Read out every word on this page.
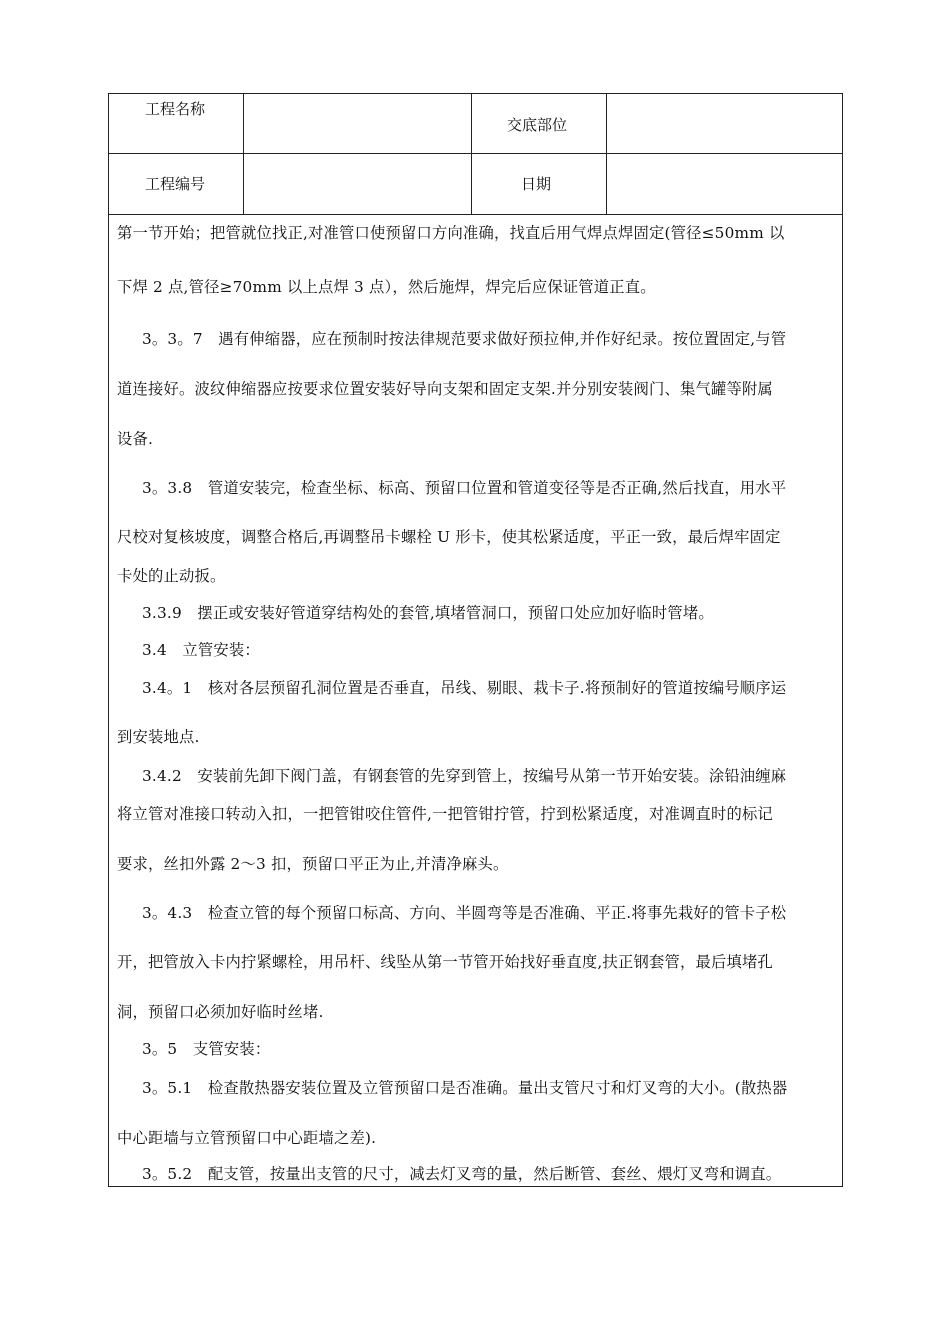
工程名称
交底部位
工程编号	日期
第一节开始；把管就位找正,对准管口使预留口方向准确，找直后用气焊点焊固定(管径≤50mm 以
下焊 2 点,管径≥70mm 以上点焊 3 点），然后施焊，焊完后应保证管道正直。
3。3。7　遇有伸缩器，应在预制时按法律规范要求做好预拉伸,并作好纪录。按位置固定,与管
道连接好。波纹伸缩器应按要求位置安装好导向支架和固定支架.并分别安装阀门、集气罐等附属
设备.
3。3.8　管道安装完，检查坐标、标高、预留口位置和管道变径等是否正确,然后找直，用水平
尺校对复核坡度，调整合格后,再调整吊卡螺栓 U 形卡，使其松紧适度，平正一致，最后焊牢固定
卡处的止动扳。
3.3.9　摆正或安装好管道穿结构处的套管,填堵管洞口，预留口处应加好临时管堵。
3.4　立管安装：
3.4。1　核对各层预留孔洞位置是否垂直，吊线、剔眼、栽卡子.将预制好的管道按编号顺序运
到安装地点.
3.4.2　安装前先卸下阀门盖，有钢套管的先穿到管上，按编号从第一节开始安装。涂铅油缠麻
将立管对准接口转动入扣，一把管钳咬住管件,一把管钳拧管，拧到松紧适度，对准调直时的标记
要求，丝扣外露 2～3 扣，预留口平正为止,并清净麻头。
3。4.3　检查立管的每个预留口标高、方向、半圆弯等是否准确、平正.将事先栽好的管卡子松
开，把管放入卡内拧紧螺栓，用吊杆、线坠从第一节管开始找好垂直度,扶正钢套管，最后填堵孔
洞，预留口必须加好临时丝堵.
3。5　支管安装：
3。5.1　检查散热器安装位置及立管预留口是否准确。量出支管尺寸和灯叉弯的大小。(散热器
中心距墙与立管预留口中心距墙之差).
3。5.2　配支管，按量出支管的尺寸，减去灯叉弯的量，然后断管、套丝、煨灯叉弯和调直。
